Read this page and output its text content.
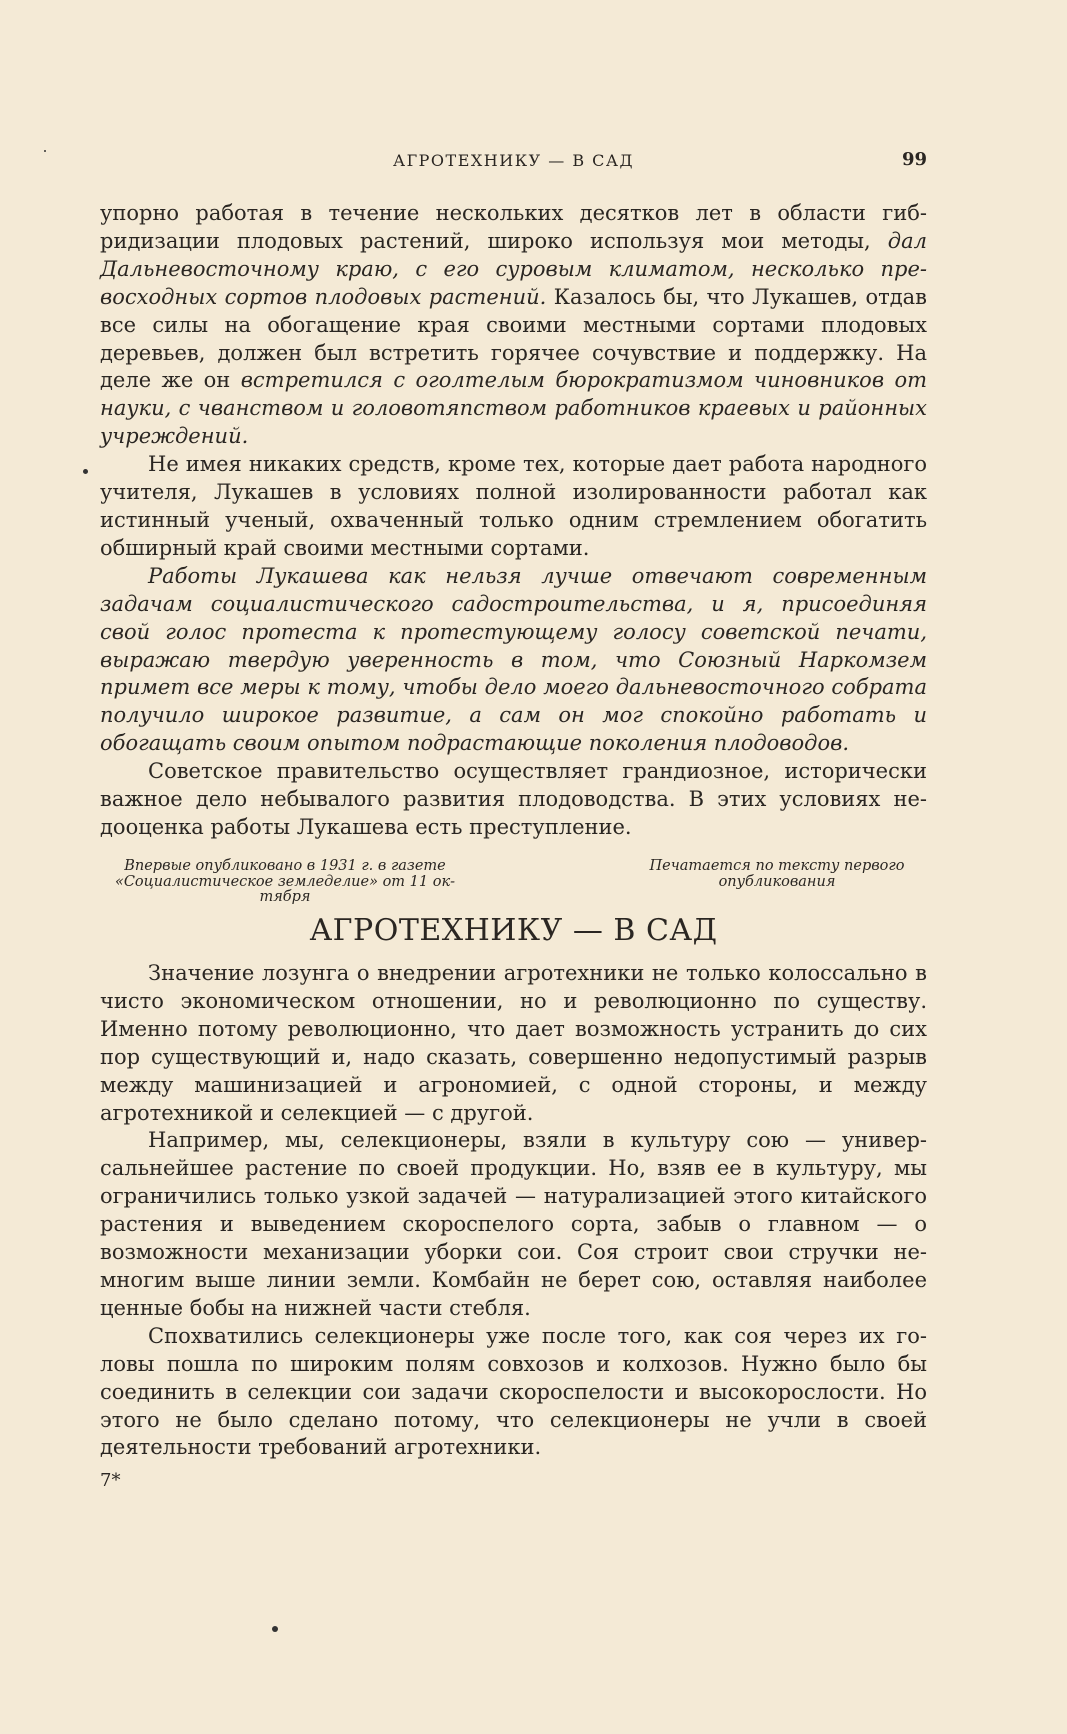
АГРОТЕХНИКУ — В САД	99

упорно работая в течение нескольких десятков лет в области гибридизации плодовых растений, широко используя мои методы, дал Дальневосточному краю, с его суровым климатом, несколько превосходных сортов плодовых растений. Казалось бы, что Лукашев, отдав все силы на обогащение края своими местными сортами плодовых деревьев, должен был встретить горячее сочувствие и поддержку. На деле же он встретился с оголтелым бюрократизмом чиновников от науки, с чванством и головотяпством работников краевых и районных учреждений.

Не имея никаких средств, кроме тех, которые дает работа народного учителя, Лукашев в условиях полной изолированности работал как истинный ученый, охваченный только одним стремлением обогатить обширный край своими местными сортами.

Работы Лукашева как нельзя лучше отвечают современным задачам социалистического садостроительства, и я, присоединяя свой голос протеста к протестующему голосу советской печати, выражаю твердую уверенность в том, что Союзный Наркомзем примет все меры к тому, чтобы дело моего дальневосточного собрата получило широкое развитие, а сам он мог спокойно работать и обогащать своим опытом подрастающие поколения плодоводов.

Советское правительство осуществляет грандиозное, исторически важное дело небывалого развития плодоводства. В этих условиях недооценка работы Лукашева есть преступление.

Впервые опубликовано в 1931 г. в газете «Социалистическое земледелие» от 11 октября
Печатается по тексту первого опубликования
АГРОТЕХНИКУ — В САД

Значение лозунга о внедрении агротехники не только колоссально в чисто экономическом отношении, но и революционно по существу. Именно потому революционно, что дает возможность устранить до сих пор существующий и, надо сказать, совершенно недопустимый разрыв между машинизацией и агрономией, с одной стороны, и между агротехникой и селекцией — с другой.

Например, мы, селекционеры, взяли в культуру сою — универсальнейшее растение по своей продукции. Но, взяв ее в культуру, мы ограничились только узкой задачей — натурализацией этого китайского растения и выведением скороспелого сорта, забыв о главном — о возможности механизации уборки сои. Соя строит свои стручки немногим выше линии земли. Комбайн не берет сою, оставляя наиболее ценные бобы на нижней части стебля.

Спохватились селекционеры уже после того, как соя через их головы пошла по широким полям совхозов и колхозов. Нужно было бы соединить в селекции сои задачи скороспелости и высокорослости. Но этого не было сделано потому, что селекционеры не учли в своей деятельности требований агротехники.

7*
